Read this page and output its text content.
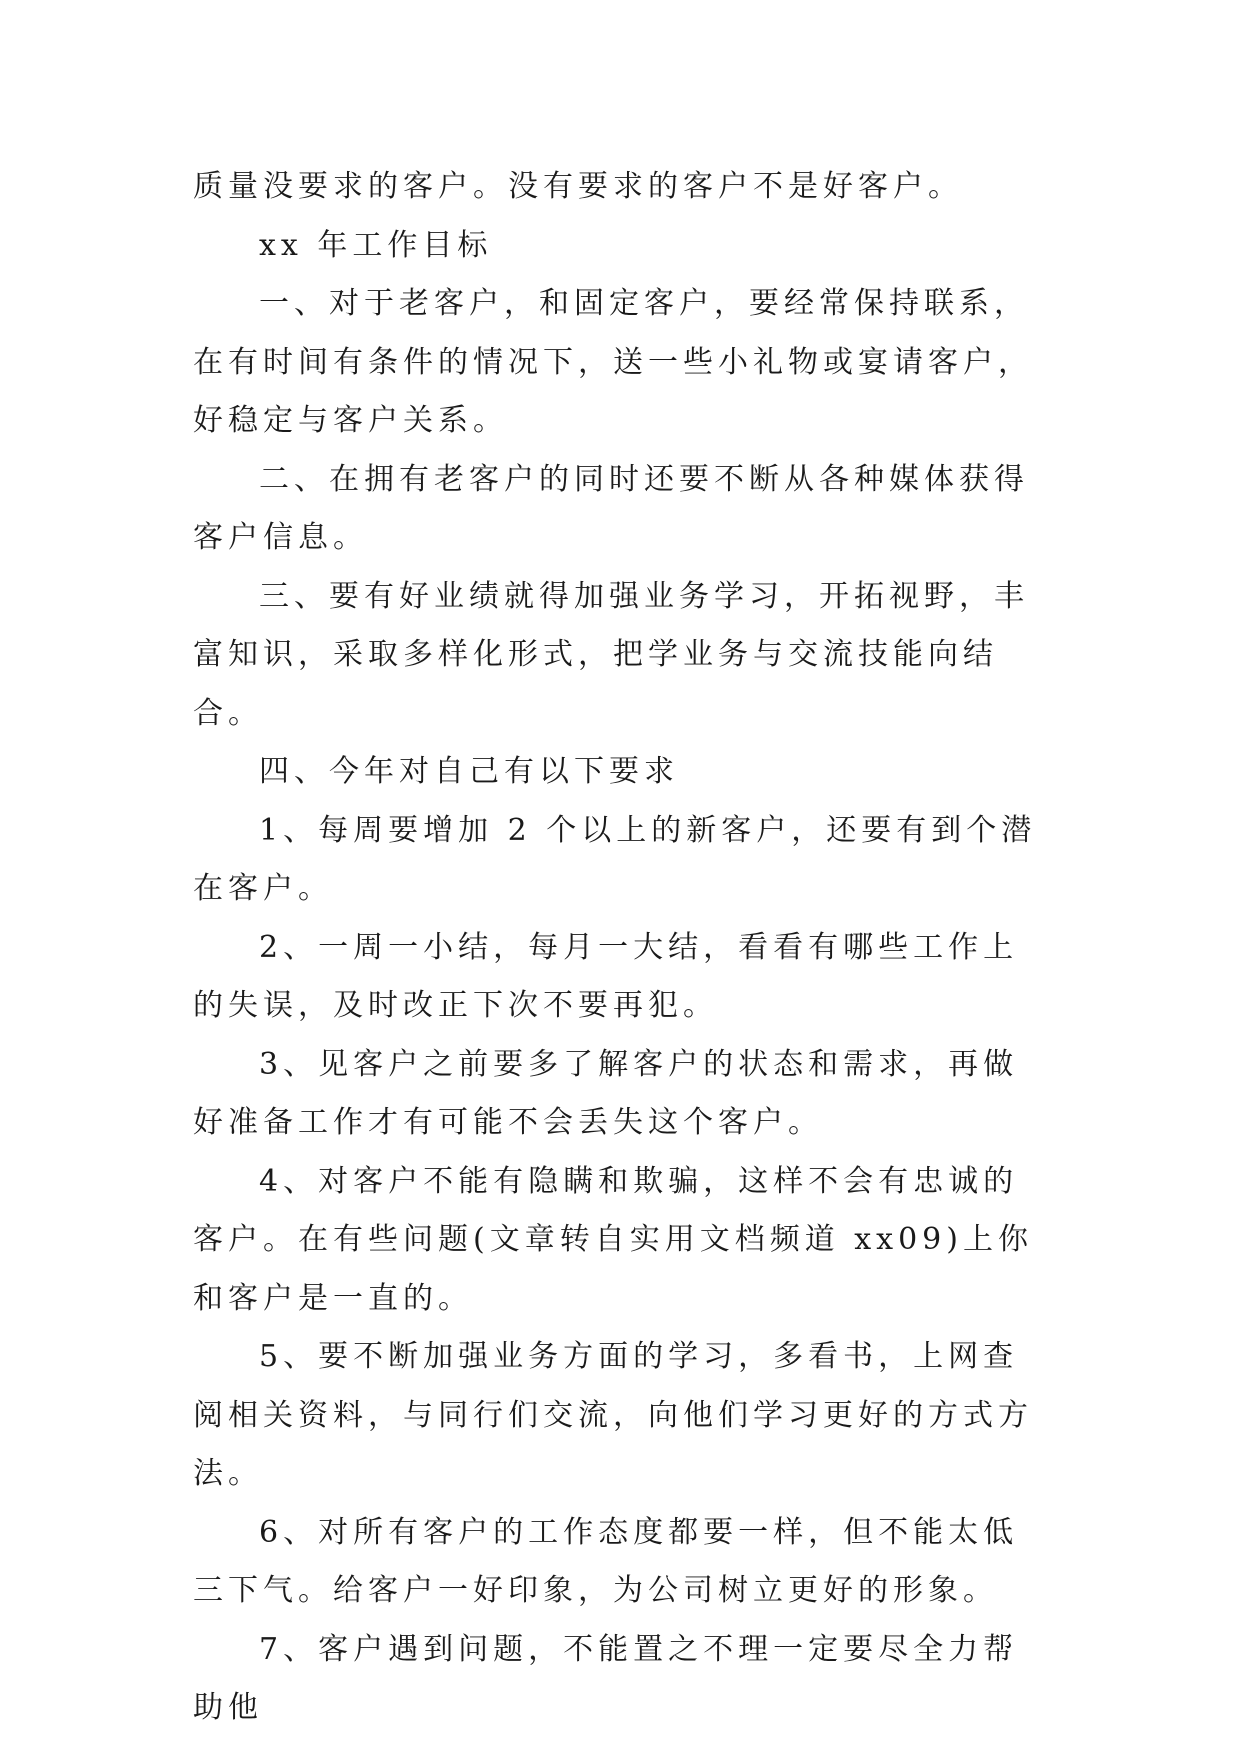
质量没要求的客户。没有要求的客户不是好客户。

xx 年工作目标

一、对于老客户，和固定客户，要经常保持联系，在有时间有条件的情况下，送一些小礼物或宴请客户，好稳定与客户关系。

二、在拥有老客户的同时还要不断从各种媒体获得客户信息。

三、要有好业绩就得加强业务学习，开拓视野，丰富知识，采取多样化形式，把学业务与交流技能向结合。

四、今年对自己有以下要求

1、每周要增加 2 个以上的新客户，还要有到个潜在客户。

2、一周一小结，每月一大结，看看有哪些工作上的失误，及时改正下次不要再犯。

3、见客户之前要多了解客户的状态和需求，再做好准备工作才有可能不会丢失这个客户。

4、对客户不能有隐瞒和欺骗，这样不会有忠诚的客户。在有些问题(文章转自实用文档频道 xx09)上你和客户是一直的。

5、要不断加强业务方面的学习，多看书，上网查阅相关资料，与同行们交流，向他们学习更好的方式方法。

6、对所有客户的工作态度都要一样，但不能太低三下气。给客户一好印象，为公司树立更好的形象。

7、客户遇到问题，不能置之不理一定要尽全力帮助他
